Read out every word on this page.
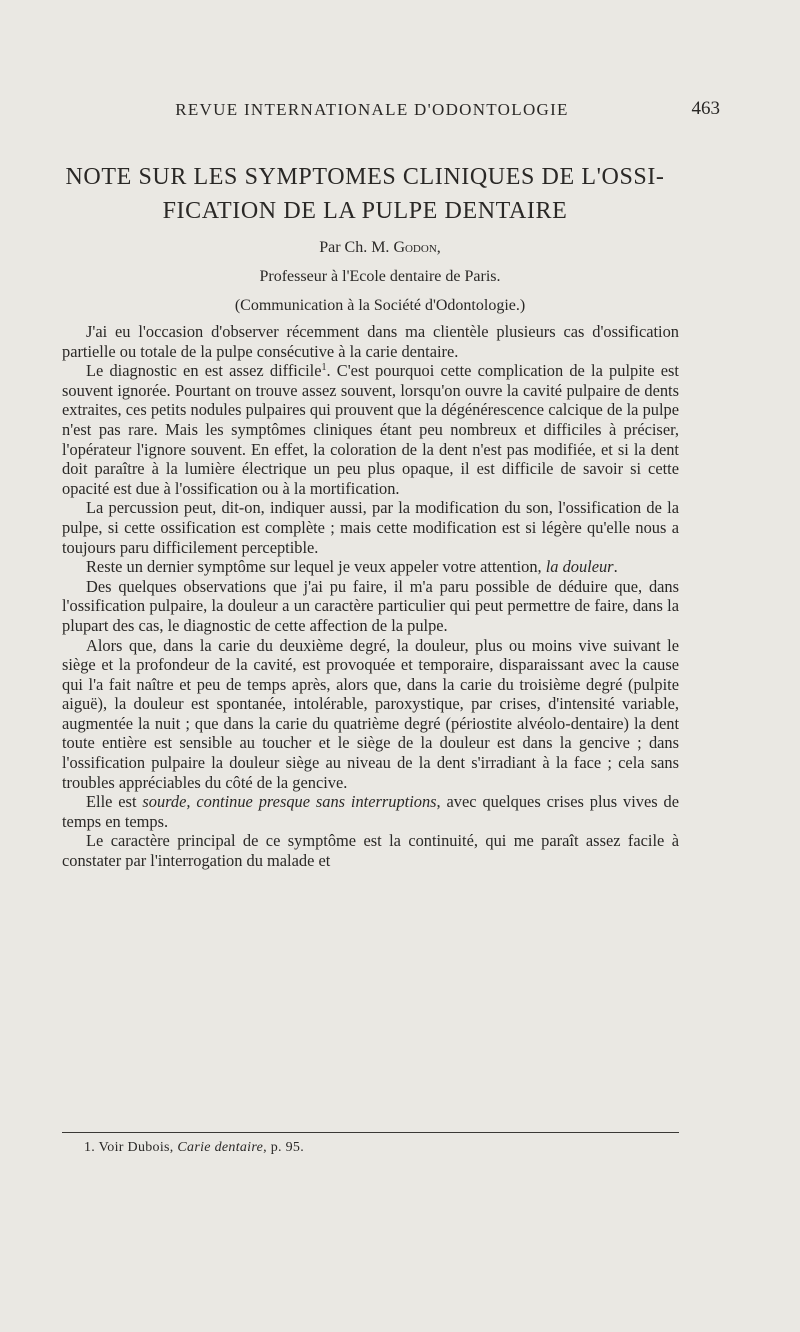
REVUE INTERNATIONALE D'ODONTOLOGIE	463
NOTE SUR LES SYMPTOMES CLINIQUES DE L'OSSI-
FICATION DE LA PULPE DENTAIRE
Par Ch. M. Godon,
Professeur à l'Ecole dentaire de Paris.
(Communication à la Société d'Odontologie.)

J'ai eu l'occasion d'observer récemment dans ma clientèle plusieurs cas d'ossification partielle ou totale de la pulpe consécutive à la carie dentaire.

Le diagnostic en est assez difficile$^1$. C'est pourquoi cette complication de la pulpite est souvent ignorée. Pourtant on trouve assez souvent, lorsqu'on ouvre la cavité pulpaire de dents extraites, ces petits nodules pulpaires qui prouvent que la dégénérescence calcique de la pulpe n'est pas rare. Mais les symptômes cliniques étant peu nombreux et difficiles à préciser, l'opérateur l'ignore souvent. En effet, la coloration de la dent n'est pas modifiée, et si la dent doit paraître à la lumière électrique un peu plus opaque, il est difficile de savoir si cette opacité est due à l'ossification ou à la mortification.

La percussion peut, dit-on, indiquer aussi, par la modification du son, l'ossification de la pulpe, si cette ossification est complète ; mais cette modification est si légère qu'elle nous a toujours paru difficilement perceptible.

Reste un dernier symptôme sur lequel je veux appeler votre attention, la douleur.

Des quelques observations que j'ai pu faire, il m'a paru possible de déduire que, dans l'ossification pulpaire, la douleur a un caractère particulier qui peut permettre de faire, dans la plupart des cas, le diagnostic de cette affection de la pulpe.

Alors que, dans la carie du deuxième degré, la douleur, plus ou moins vive suivant le siège et la profondeur de la cavité, est provoquée et temporaire, disparaissant avec la cause qui l'a fait naître et peu de temps après, alors que, dans la carie du troisième degré (pulpite aiguë), la douleur est spontanée, intolérable, paroxystique, par crises, d'intensité variable, augmentée la nuit ; que dans la carie du quatrième degré (périostite alvéolo-dentaire) la dent toute entière est sensible au toucher et le siège de la douleur est dans la gencive ; dans l'ossification pulpaire la douleur siège au niveau de la dent s'irradiant à la face ; cela sans troubles appréciables du côté de la gencive.

Elle est sourde, continue presque sans interruptions, avec quelques crises plus vives de temps en temps.

Le caractère principal de ce symptôme est la continuité, qui me paraît assez facile à constater par l'interrogation du malade et

1. Voir Dubois, Carie dentaire, p. 95.
